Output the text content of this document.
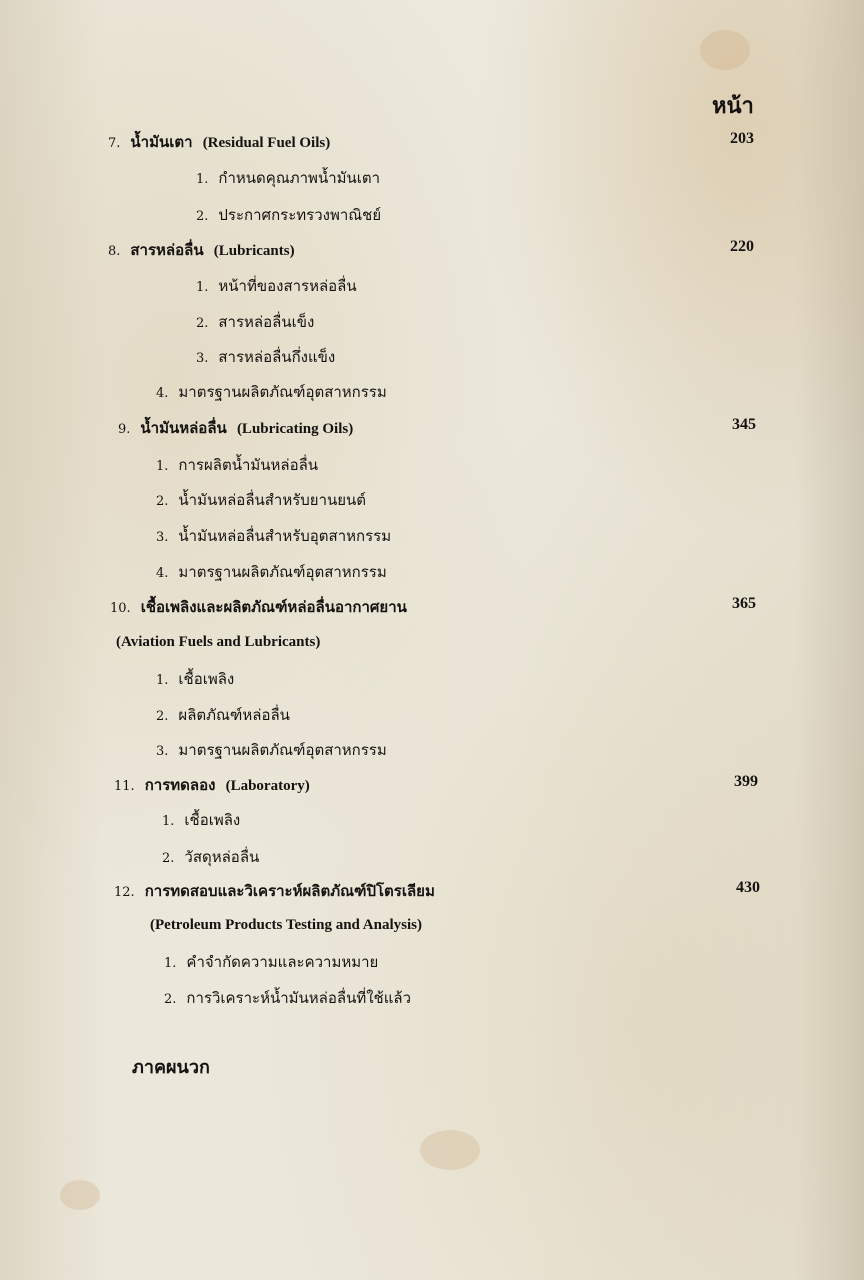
หน้า
7. น้ำมันเตา (Residual Fuel Oils)	203
1. กำหนดคุณภาพน้ำมันเตา
2. ประกาศกระทรวงพาณิชย์
8. สารหล่อลื่น (Lubricants)	220
1. หน้าที่ของสารหล่อลื่น
2. สารหล่อลื่นเข็ง
3. สารหล่อลื่นกึ่งแข็ง
4. มาตรฐานผลิตภัณฑ์อุตสาหกรรม
9. น้ำมันหล่อลื่น (Lubricating Oils)	345
1. การผลิตน้ำมันหล่อลื่น
2. น้ำมันหล่อลื่นสำหรับยานยนต์
3. น้ำมันหล่อลื่นสำหรับอุตสาหกรรม
4. มาตรฐานผลิตภัณฑ์อุตสาหกรรม
10. เชื้อเพลิงและผลิตภัณฑ์หล่อลื่นอากาศยาน	365
(Aviation Fuels and Lubricants)
1. เชื้อเพลิง
2. ผลิตภัณฑ์หล่อลื่น
3. มาตรฐานผลิตภัณฑ์อุตสาหกรรม
11. การทดลอง (Laboratory)	399
1. เชื้อเพลิง
2. วัสดุหล่อลื่น
12. การทดสอบและวิเคราะห์ผลิตภัณฑ์ปิโตรเลียม	430
(Petroleum Products Testing and Analysis)
1. คำจำกัดความและความหมาย
2. การวิเคราะห์น้ำมันหล่อลื่นที่ใช้แล้ว
ภาคผนวก
